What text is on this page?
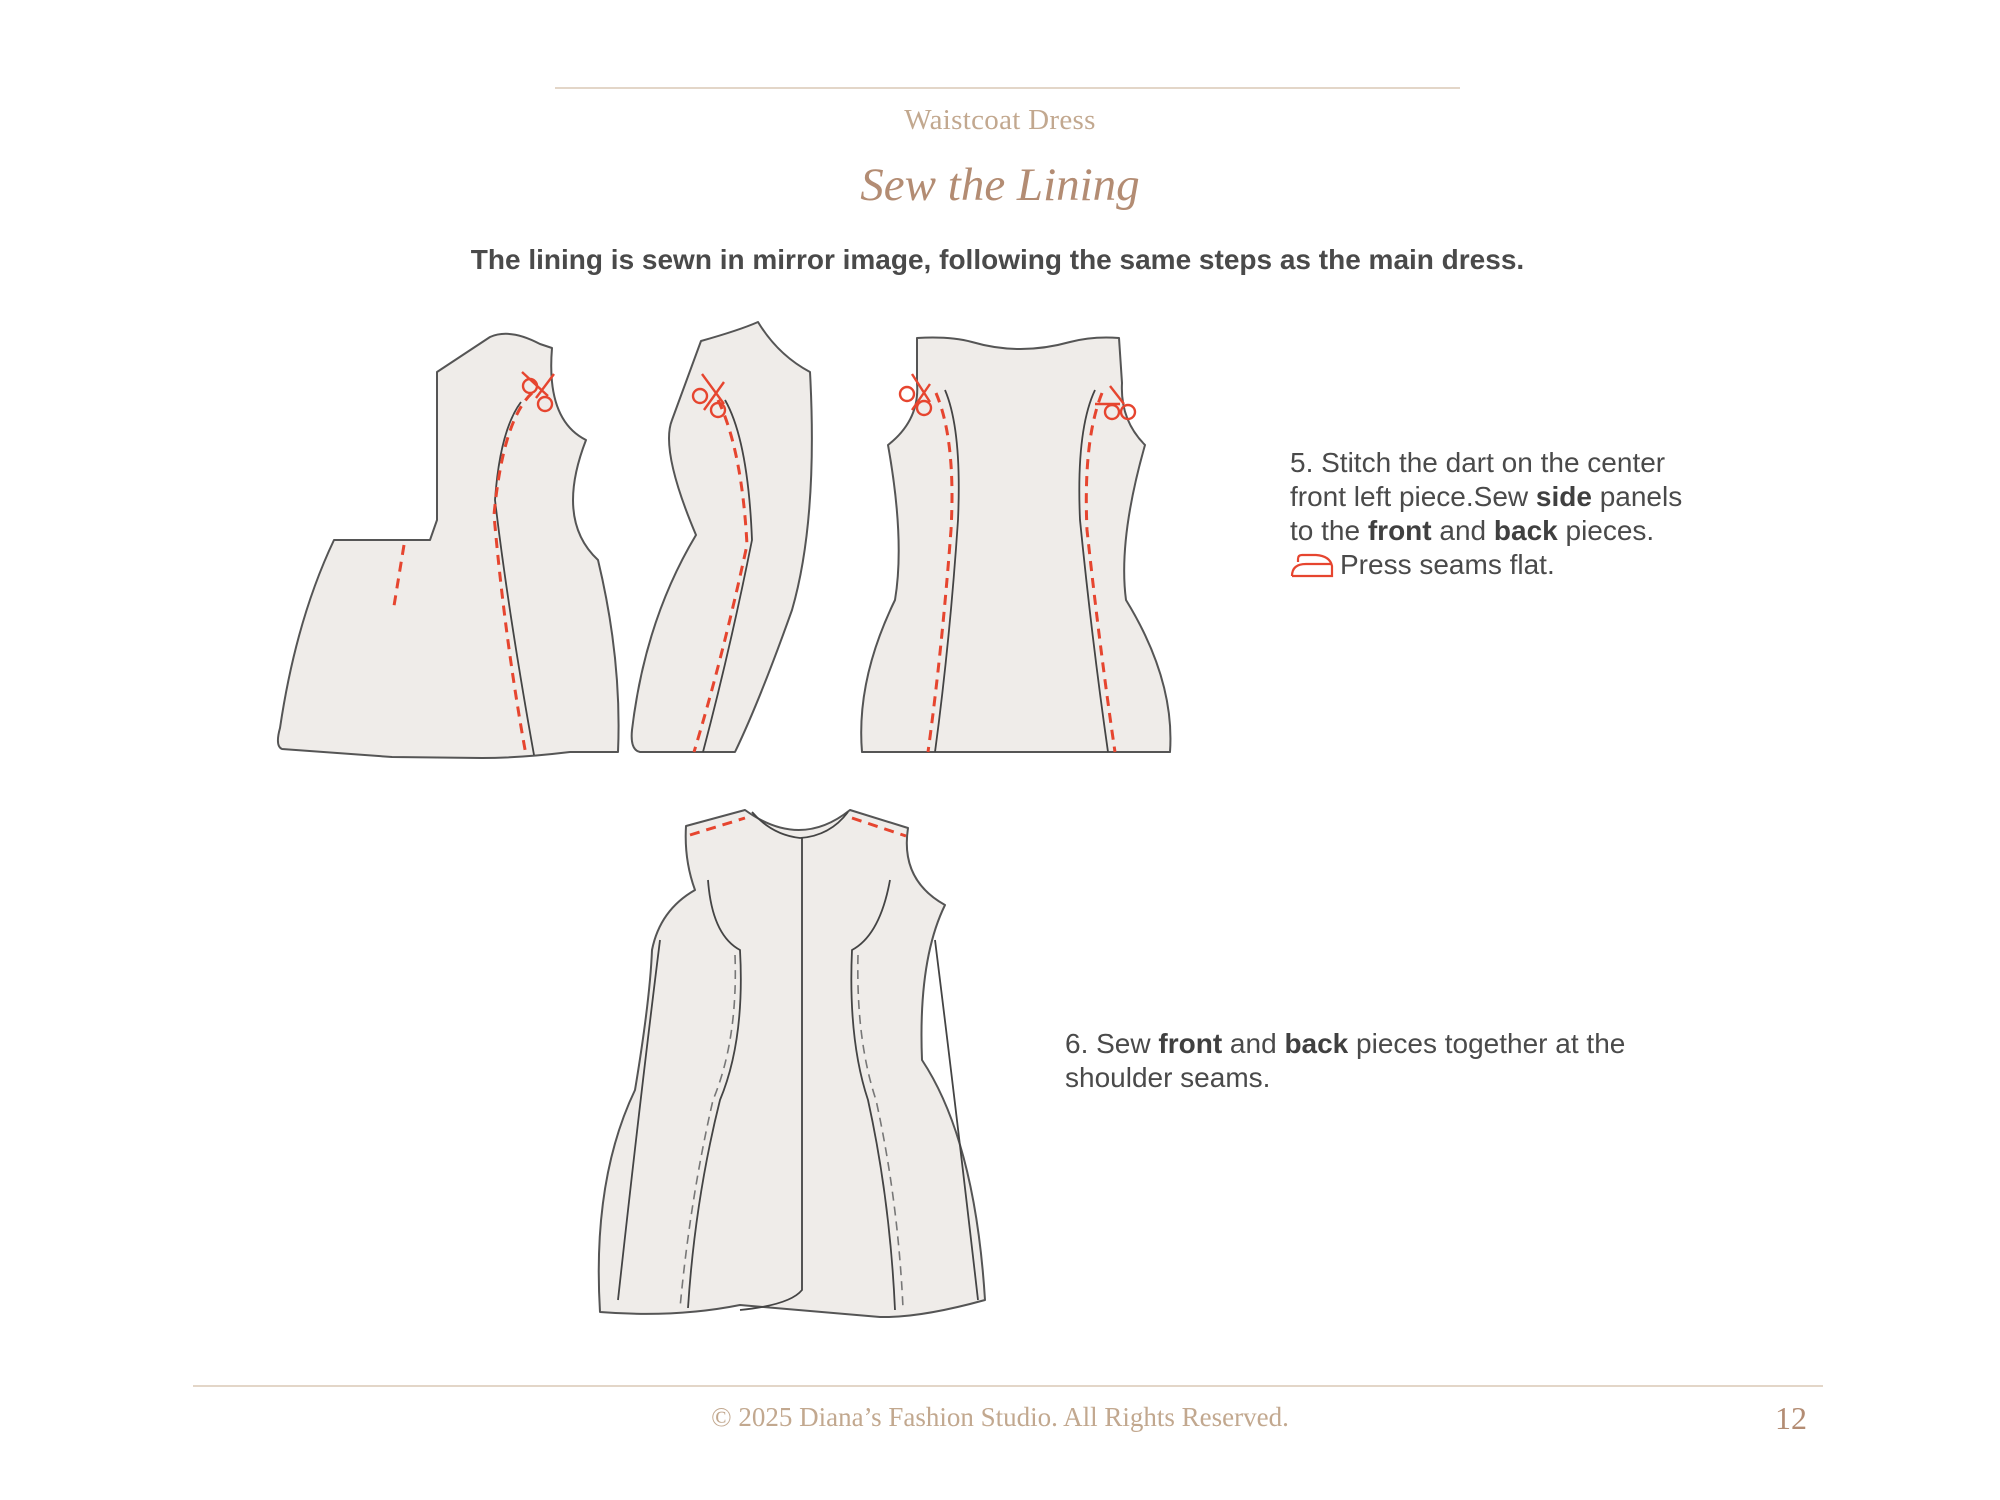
Waistcoat Dress
Sew the Lining
The lining is sewn in mirror image, following the same steps as the main dress.
5. Stitch the dart on the center
front left piece.Sew side panels
to the front and back pieces.
Press seams flat.
6. Sew front and back pieces together at the
shoulder seams.
© 2025 Diana’s Fashion Studio. All Rights Reserved.	12
